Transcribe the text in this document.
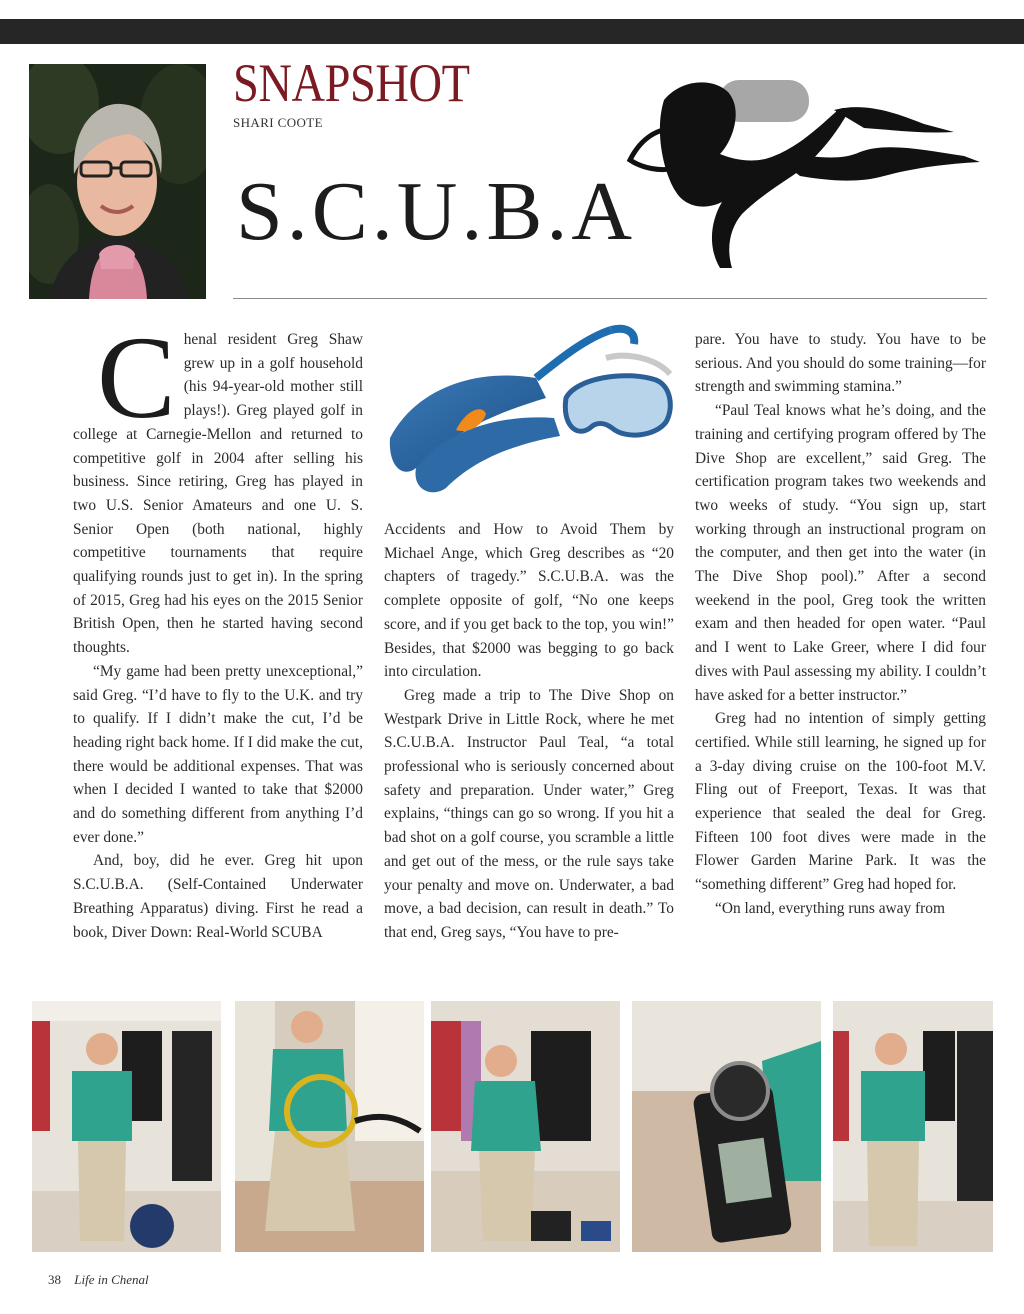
SNAPSHOT
SHARI COOTE
S.C.U.B.A
C henal resident Greg Shaw grew up in a golf household (his 94-year-old mother still plays!). Greg played golf in college at Carnegie-Mellon and returned to competitive golf in 2004 after selling his business. Since retiring, Greg has played in two U.S. Senior Amateurs and one U. S. Senior Open (both national, highly competitive tournaments that require qualifying rounds just to get in). In the spring of 2015, Greg had his eyes on the 2015 Senior British Open, then he started having second thoughts.

“My game had been pretty unexceptional,” said Greg. “I’d have to fly to the U.K. and try to qualify. If I didn’t make the cut, I’d be heading right back home. If I did make the cut, there would be additional expenses. That was when I decided I wanted to take that $2000 and do something different from anything I’d ever done.”

And, boy, did he ever. Greg hit upon S.C.U.B.A. (Self-Contained Underwater Breathing Apparatus) diving. First he read a book, Diver Down: Real-World SCUBA

Accidents and How to Avoid Them by Michael Ange, which Greg describes as “20 chapters of tragedy.” S.C.U.B.A. was the complete opposite of golf, “No one keeps score, and if you get back to the top, you win!” Besides, that $2000 was begging to go back into circulation.

Greg made a trip to The Dive Shop on Westpark Drive in Little Rock, where he met S.C.U.B.A. Instructor Paul Teal, “a total professional who is seriously concerned about safety and preparation. Under water,” Greg explains, “things can go so wrong. If you hit a bad shot on a golf course, you scramble a little and get out of the mess, or the rule says take your penalty and move on. Underwater, a bad move, a bad decision, can result in death.” To that end, Greg says, “You have to pre-

pare. You have to study. You have to be serious. And you should do some training—for strength and swimming stamina.”

“Paul Teal knows what he’s doing, and the training and certifying program offered by The Dive Shop are excellent,” said Greg. The certification program takes two weekends and two weeks of study. “You sign up, start working through an instructional program on the computer, and then get into the water (in The Dive Shop pool).” After a second weekend in the pool, Greg took the written exam and then headed for open water. “Paul and I went to Lake Greer, where I did four dives with Paul assessing my ability. I couldn’t have asked for a better instructor.”

Greg had no intention of simply getting certified. While still learning, he signed up for a 3-day diving cruise on the 100-foot M.V. Fling out of Freeport, Texas. It was that experience that sealed the deal for Greg. Fifteen 100 foot dives were made in the Flower Garden Marine Park. It was the “something different” Greg had hoped for.

“On land, everything runs away from

38 Life in Chenal
